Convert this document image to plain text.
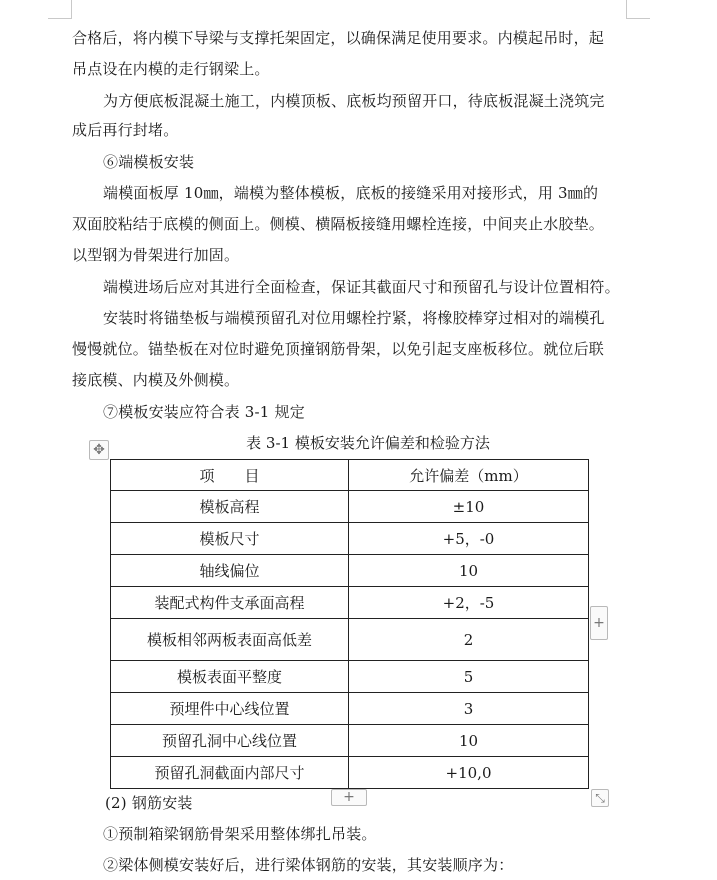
合格后，将内模下导梁与支撑托架固定，以确保满足使用要求。内模起吊时，起
吊点设在内模的走行钢梁上。
为方便底板混凝土施工，内模顶板、底板均预留开口，待底板混凝土浇筑完
成后再行封堵。
⑥端模板安装
端模面板厚 10㎜，端模为整体模板，底板的接缝采用对接形式，用 3㎜的
双面胶粘结于底模的侧面上。侧模、横隔板接缝用螺栓连接，中间夹止水胶垫。
以型钢为骨架进行加固。
端模进场后应对其进行全面检查，保证其截面尺寸和预留孔与设计位置相符。
安装时将锚垫板与端模预留孔对位用螺栓拧紧，将橡胶棒穿过相对的端模孔
慢慢就位。锚垫板在对位时避免顶撞钢筋骨架，以免引起支座板移位。就位后联
接底模、内模及外侧模。
⑦模板安装应符合表 3-1 规定
表 3-1 模板安装允许偏差和检验方法
项　　目	允许偏差（mm）
模板高程	±10
模板尺寸	+5，-0
轴线偏位	10
装配式构件支承面高程	+2，-5
模板相邻两板表面高低差	2
模板表面平整度	5
预埋件中心线位置	3
预留孔洞中心线位置	10
预留孔洞截面内部尺寸	+10,0
(2) 钢筋安装
①预制箱梁钢筋骨架采用整体绑扎吊装。
②梁体侧模安装好后，进行梁体钢筋的安装，其安装顺序为：
✥
+
+	⤡
